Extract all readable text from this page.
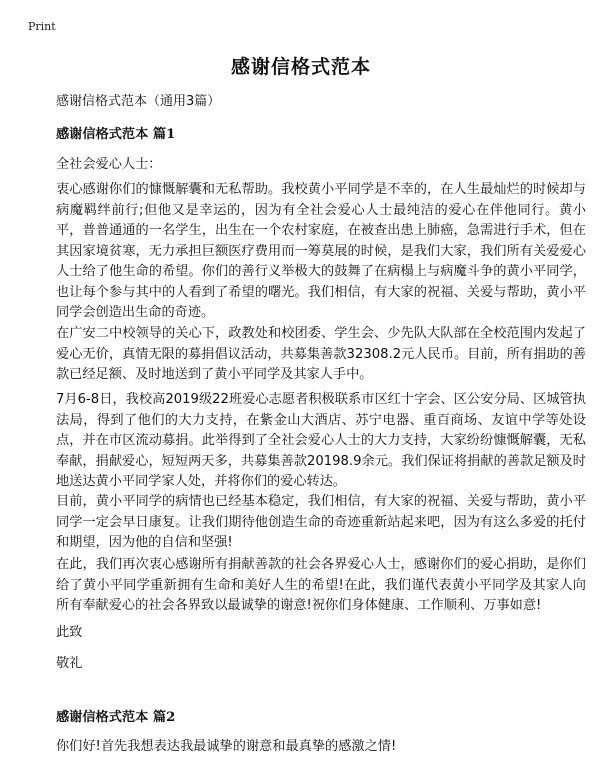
Print
感谢信格式范本
感谢信格式范本（通用3篇）
感谢信格式范本 篇1
全社会爱心人士：
衷心感谢你们的慷慨解囊和无私帮助。我校黄小平同学是不幸的，在人生最灿烂的时候却与病魔羁绊前行;但他又是幸运的，因为有全社会爱心人士最纯洁的爱心在伴他同行。黄小平，普普通通的一名学生，出生在一个农村家庭，在被查出患上肺癌，急需进行手术，但在其因家境贫寒，无力承担巨额医疗费用而一筹莫展的时候，是我们大家，我们所有关爱爱心人士给了他生命的希望。你们的善行义举极大的鼓舞了在病榻上与病魔斗争的黄小平同学，也让每个参与其中的人看到了希望的曙光。我们相信，有大家的祝福、关爱与帮助，黄小平同学会创造出生命的奇迹。
在广安二中校领导的关心下，政教处和校团委、学生会、少先队大队部在全校范围内发起了爱心无价，真情无限的募捐倡议活动，共募集善款32308.2元人民币。目前，所有捐助的善款已经足额、及时地送到了黄小平同学及其家人手中。
7月6-8日，我校高2019级22班爱心志愿者积极联系市区红十字会、区公安分局、区城管执法局，得到了他们的大力支持，在紫金山大酒店、苏宁电器、重百商场、友谊中学等处设点，并在市区流动募捐。此举得到了全社会爱心人士的大力支持，大家纷纷慷慨解囊，无私奉献，捐献爱心，短短两天多，共募集善款20198.9余元。我们保证将捐献的善款足额及时地送达黄小平同学家人处，并将你们的爱心转达。
目前，黄小平同学的病情也已经基本稳定，我们相信，有大家的祝福、关爱与帮助，黄小平同学一定会早日康复。让我们期待他创造生命的奇迹重新站起来吧，因为有这么多爱的托付和期望，因为他的自信和坚强!
在此，我们再次衷心感谢所有捐献善款的社会各界爱心人士，感谢你们的爱心捐助，是你们给了黄小平同学重新拥有生命和美好人生的希望!在此，我们谨代表黄小平同学及其家人向所有奉献爱心的社会各界致以最诚挚的谢意!祝你们身体健康、工作顺利、万事如意!
此致
敬礼
感谢信格式范本 篇2
你们好!首先我想表达我最诚挚的谢意和最真挚的感激之情!
